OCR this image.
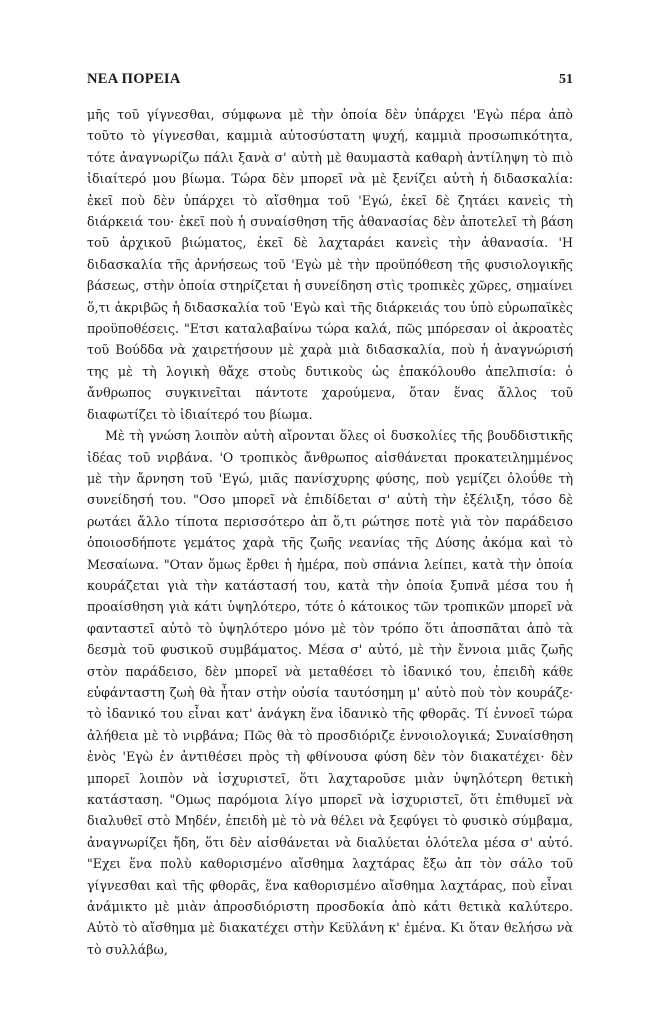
ΝΕΑ ΠΟΡΕΙΑ	51

μῆς τοῦ γίγνεσθαι, σύμφωνα μὲ τὴν ὁποία δὲν ὑπάρχει 'Εγὼ πέρα ἀπὸ τοῦτο τὸ γίγνεσθαι, καμμιὰ αὐτοσύστατη ψυχή, καμμιὰ προσωπικότητα, τότε ἀναγνωρίζω πάλι ξανὰ σ' αὐτὴ μὲ θαυμαστὰ καθαρὴ ἀντίληψη τὸ πιὸ ἰδιαίτερό μου βίωμα. Τώρα δὲν μπορεῖ νὰ μὲ ξενίζει αὐτὴ ἡ διδασκαλία: ἐκεῖ ποὺ δὲν ὑπάρχει τὸ αἴσθημα τοῦ 'Εγώ, ἐκεῖ δὲ ζητάει κανεὶς τὴ διάρκειά του· ἐκεῖ ποὺ ἡ συναίσθηση τῆς ἀθανασίας δὲν ἀποτελεῖ τὴ βάση τοῦ ἀρχικοῦ βιώματος, ἐκεῖ δὲ λαχταράει κανεὶς τὴν ἀθανασία. 'Η διδασκαλία τῆς ἀρνήσεως τοῦ 'Εγὼ μὲ τὴν προϋπόθεση τῆς φυσιολογικῆς βάσεως, στὴν ὁποία στηρίζεται ἡ συνείδηση στὶς τροπικὲς χῶρες, σημαίνει ὅ,τι ἀκριβῶς ἡ διδασκαλία τοῦ 'Εγὼ καὶ τῆς διάρκειάς του ὑπὸ εὐρωπαϊκὲς προϋποθέσεις. "Ετσι καταλαβαίνω τώρα καλά, πῶς μπόρεσαν οἱ ἀκροατὲς τοῦ Βούδδα νὰ χαιρετήσουν μὲ χαρὰ μιὰ διδασκαλία, ποὺ ἡ ἀναγνώρισή της μὲ τὴ λογικὴ θἄχε στοὺς δυτικοὺς ὡς ἐπακόλουθο ἀπελπισία: ὁ ἄνθρωπος συγκινεῖται πάντοτε χαρούμενα, ὅταν ἕνας ἄλλος τοῦ διαφωτίζει τὸ ἰδιαίτερό του βίωμα.

Μὲ τὴ γνώση λοιπὸν αὐτὴ αἴρονται ὅλες οἱ δυσκολίες τῆς βουδδιστικῆς ἰδέας τοῦ νιρβάνα. 'Ο τροπικὸς ἄνθρωπος αἰσθάνεται προκατειλημμένος μὲ τὴν ἄρνηση τοῦ 'Εγώ, μιᾶς πανίσχυρης φύσης, ποὺ γεμίζει ὁλοΰθε τὴ συνείδησή του. "Οσο μπορεῖ νὰ ἐπιδίδεται σ' αὐτὴ τὴν ἐξέλιξη, τόσο δὲ ρωτάει ἄλλο τίποτα περισσότερο ἀπ ὅ,τι ρώτησε ποτὲ γιὰ τὸν παράδεισο ὁποιοσδήποτε γεμάτος χαρὰ τῆς ζωῆς νεανίας τῆς Δύσης ἀκόμα καὶ τὸ Μεσαίωνα. "Οταν ὅμως ἔρθει ἡ ἡμέρα, ποὺ σπάνια λείπει, κατὰ τὴν ὁποία κουράζεται γιὰ τὴν κατάστασή του, κατὰ τὴν ὁποία ξυπνᾶ μέσα του ἡ προαίσθηση γιὰ κάτι ὑψηλότερο, τότε ὁ κάτοικος τῶν τροπικῶν μπορεῖ νὰ φανταστεῖ αὐτὸ τὸ ὑψηλότερο μόνο μὲ τὸν τρόπο ὅτι ἀποσπᾶται ἀπὸ τὰ δεσμὰ τοῦ φυσικοῦ συμβάματος. Μέσα σ' αὐτό, μὲ τὴν ἔννοια μιᾶς ζωῆς στὸν παράδεισο, δὲν μπορεῖ νὰ μεταθέσει τὸ ἰδανικό του, ἐπειδὴ κάθε εὐφάνταστη ζωὴ θὰ ἦταν στὴν οὐσία ταυτόσημη μ' αὐτὸ ποὺ τὸν κουράζε· τὸ ἰδανικό του εἶναι κατ' ἀνάγκη ἕνα ἰδανικὸ τῆς φθορᾶς. Τί ἐννοεῖ τώρα ἀλήθεια μὲ τὸ νιρβάνα; Πῶς θὰ τὸ προσδιόριζε ἐννοιολογικά; Συναίσθηση ἑνὸς 'Εγὼ ἐν ἀντιθέσει πρὸς τὴ φθίνουσα φύση δὲν τὸν διακατέχει· δὲν μπορεῖ λοιπὸν νὰ ἰσχυριστεῖ, ὅτι λαχταροῦσε μιὰν ὑψηλότερη θετικὴ κατάσταση. "Ομως παρόμοια λίγο μπορεῖ νὰ ἰσχυριστεῖ, ὅτι ἐπιθυμεῖ νὰ διαλυθεῖ στὸ Μηδέν, ἐπειδὴ μὲ τὸ νὰ θέλει νὰ ξεφύγει τὸ φυσικὸ σύμβαμα, ἀναγνωρίζει ἤδη, ὅτι δὲν αἰσθάνεται νὰ διαλύεται ὁλότελα μέσα σ' αὐτό. "Εχει ἕνα πολὺ καθορισμένο αἴσθημα λαχτάρας ἔξω ἀπ τὸν σάλο τοῦ γίγνεσθαι καὶ τῆς φθορᾶς, ἕνα καθορισμένο αἴσθημα λαχτάρας, ποὺ εἶναι ἀνάμικτο μὲ μιὰν ἀπροσδιόριστη προσδοκία ἀπὸ κάτι θετικὰ καλύτερο. Αὐτὸ τὸ αἴσθημα μὲ διακατέχει στὴν Κεϋλάνη κ' ἐμένα. Κι ὅταν θελήσω νὰ τὸ συλλάβω,
